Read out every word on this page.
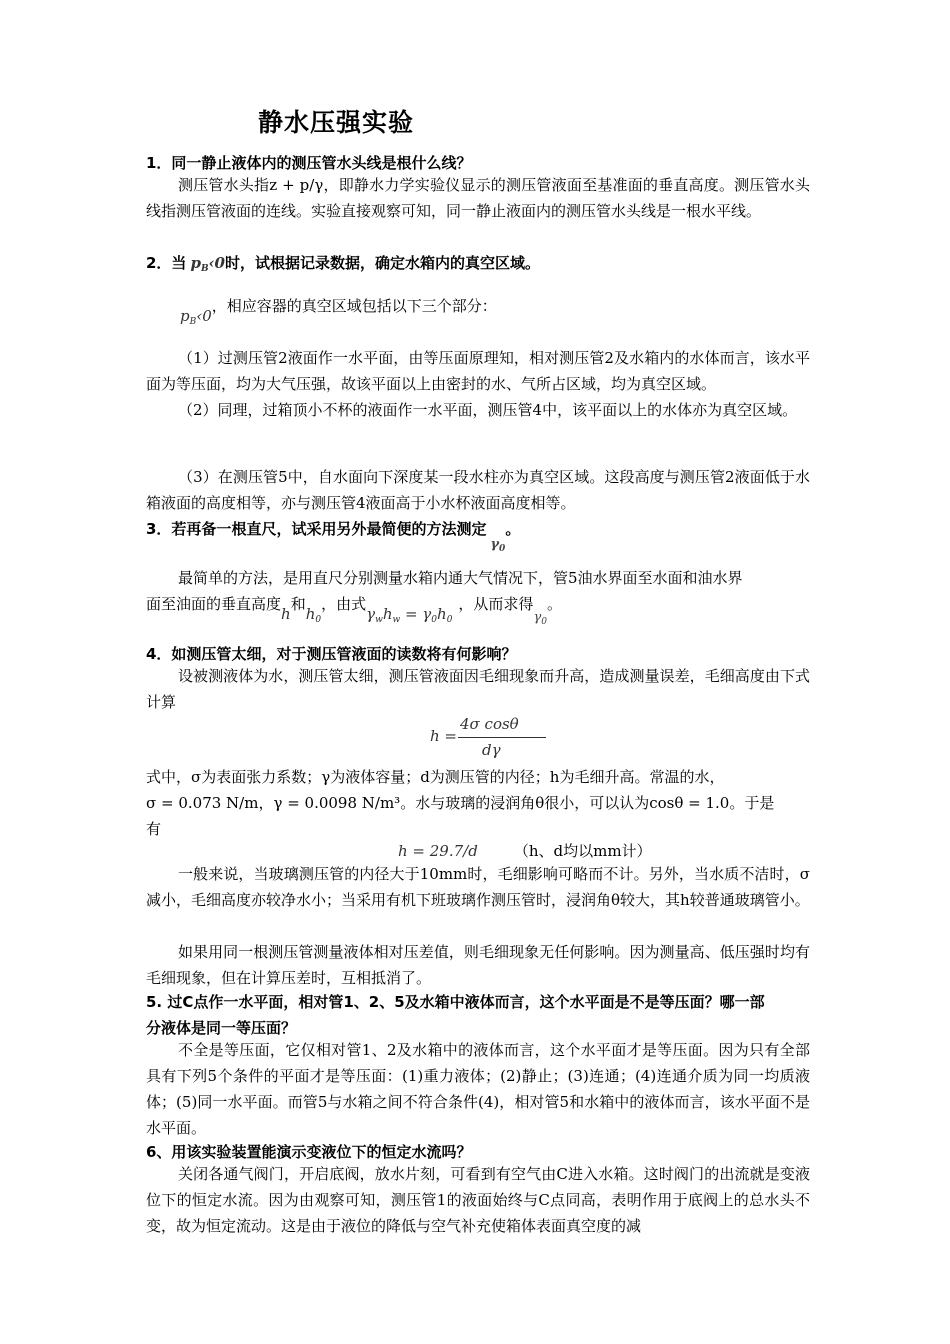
静水压强实验
1．同一静止液体内的测压管水头线是根什么线？
测压管水头指z + p/γ，即静水力学实验仪显示的测压管液面至基准面的垂直高度。测压管水头线指测压管液面的连线。实验直接观察可知，同一静止液面内的测压管水头线是一根水平线。
2．当 $p_B‹0$时，试根据记录数据，确定水箱内的真空区域。
$p_B‹0$，相应容器的真空区域包括以下三个部分：
（1）过测压管2液面作一水平面，由等压面原理知，相对测压管2及水箱内的水体而言，该水平面为等压面，均为大气压强，故该平面以上由密封的水、气所占区域，均为真空区域。
（2）同理，过箱顶小不杯的液面作一水平面，测压管4中，该平面以上的水体亦为真空区域。
（3）在测压管5中，自水面向下深度某一段水柱亦为真空区域。这段高度与测压管2液面低于水箱液面的高度相等，亦与测压管4液面高于小水杯液面高度相等。
3．若再备一根直尺，试采用另外最简便的方法测定$\gamma_0$。
最简单的方法，是用直尺分别测量水箱内通大气情况下，管5油水界面至水面和油水界
面至油面的垂直高度h和$h_0$，由式$\gamma_wh_w = \gamma_0h_0$，从而求得$\gamma_0$。
4．如测压管太细，对于测压管液面的读数将有何影响？
设被测液体为水，测压管太细，测压管液面因毛细现象而升高，造成测量误差，毛细高度由下式计算
h =
4σ cosθ
dγ
式中，σ为表面张力系数；γ为液体容量；d为测压管的内径；h为毛细升高。常温的水，
σ = 0.073 N/m，γ = 0.0098 N/m³。水与玻璃的浸润角θ很小，可以认为cosθ = 1.0。于是
有
h = 29.7/d （h、d均以mm计）
一般来说，当玻璃测压管的内径大于10mm时，毛细影响可略而不计。另外，当水质不洁时，σ减小，毛细高度亦较净水小；当采用有机下班玻璃作测压管时，浸润角θ较大，其h较普通玻璃管小。
如果用同一根测压管测量液体相对压差值，则毛细现象无任何影响。因为测量高、低压强时均有毛细现象，但在计算压差时，互相抵消了。
5. 过C点作一水平面，相对管1、2、5及水箱中液体而言，这个水平面是不是等压面？哪一部
分液体是同一等压面？
不全是等压面，它仅相对管1、2及水箱中的液体而言，这个水平面才是等压面。因为只有全部具有下列5个条件的平面才是等压面：(1)重力液体；(2)静止；(3)连通；(4)连通介质为同一均质液体；(5)同一水平面。而管5与水箱之间不符合条件(4)，相对管5和水箱中的液体而言，该水平面不是水平面。
6、用该实验装置能演示变液位下的恒定水流吗？
关闭各通气阀门，开启底阀，放水片刻，可看到有空气由C进入水箱。这时阀门的出流就是变液位下的恒定水流。因为由观察可知，测压管1的液面始终与C点同高，表明作用于底阀上的总水头不变，故为恒定流动。这是由于液位的降低与空气补充使箱体表面真空度的减
